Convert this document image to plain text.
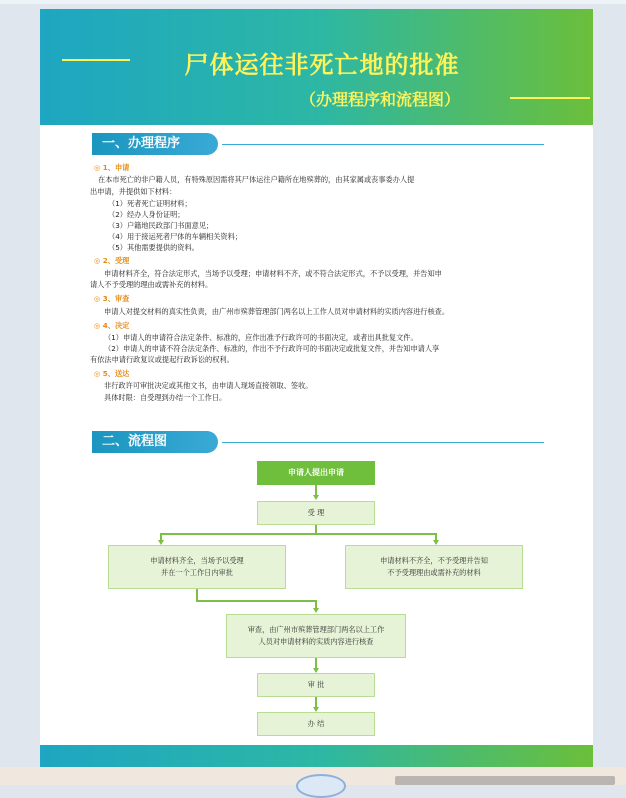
尸体运往非死亡地的批准
（办理程序和流程图）
一、办理程序
◎ 1、申请
在本市死亡的非户籍人员，有特殊原因需将其尸体运往户籍所在地殡葬的，由其家属或丧事委办人提
出申请，并提供如下材料：
（1）死者死亡证明材料；
（2）经办人身份证明；
（3）户籍地民政部门书面意见；
（4）用于接运死者尸体的车辆相关资料；
（5）其他需要提供的资料。
◎ 2、受理
申请材料齐全，符合法定形式，当场予以受理；申请材料不齐，或不符合法定形式，不予以受理，并告知申
请人不予受理的理由或需补充的材料。
◎ 3、审查
申请人对提交材料的真实性负责，由广州市殡葬管理部门两名以上工作人员对申请材料的实质内容进行核查。
◎ 4、决定
（1）申请人的申请符合法定条件、标准的，应作出准予行政许可的书面决定，或者出具批复文件。
（2）申请人的申请不符合法定条件、标准的，作出不予行政许可的书面决定或批复文件，并告知申请人享
有依法申请行政复议或提起行政诉讼的权利。
◎ 5、送达
非行政许可审批决定或其他文书，由申请人现场直接领取、签收。
具体时限：自受理到办结一个工作日。
二、流程图
申请人提出申请
受 理
申请材料齐全，当场予以受理
并在一个工作日内审批
申请材料不齐全，不予受理并告知
不予受理理由或需补充的材料
审查，由广州市殡葬管理部门两名以上工作
人员对申请材料的实质内容进行核查
审 批
办 结
